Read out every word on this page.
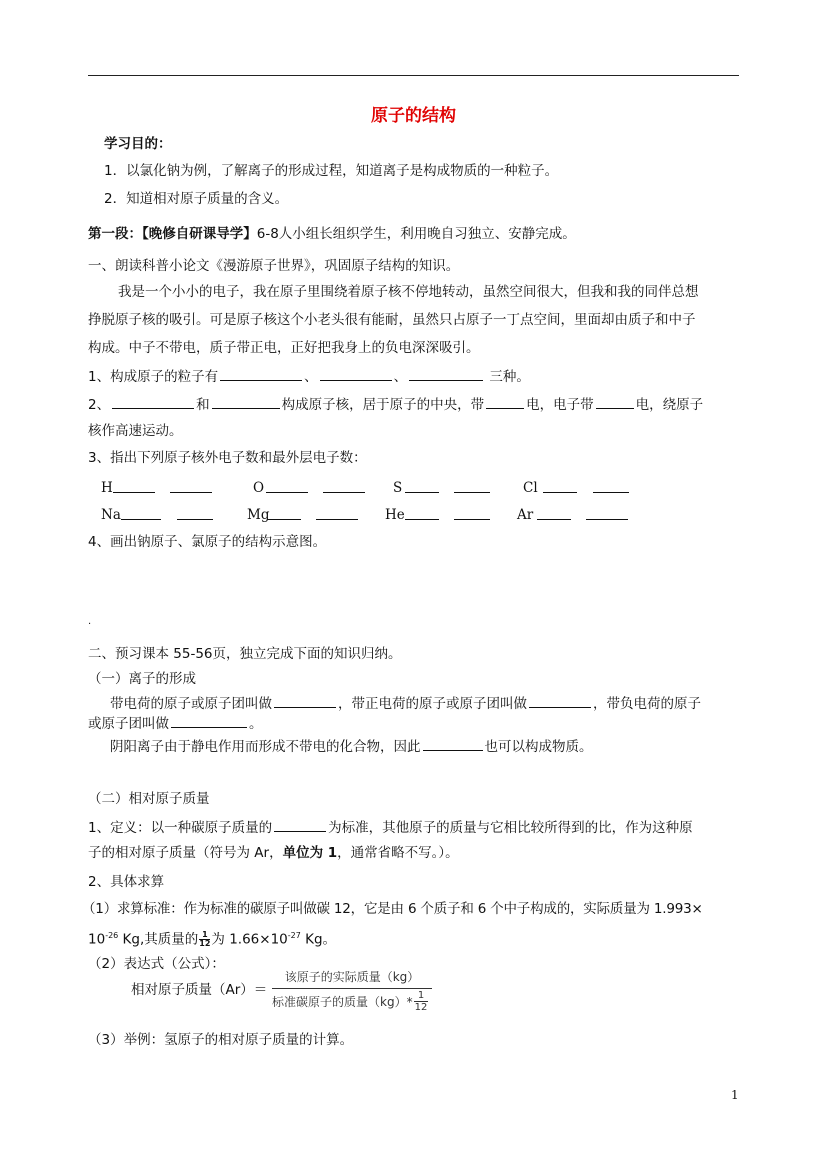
原子的结构
学习目的：
1．以氯化钠为例，了解离子的形成过程，知道离子是构成物质的一种粒子。
2．知道相对原子质量的含义。
第一段：【晚修自研课导学】6-8人小组长组织学生，利用晚自习独立、安静完成。
一、朗读科普小论文《漫游原子世界》，巩固原子结构的知识。
我是一个小小的电子，我在原子里围绕着原子核不停地转动，虽然空间很大，但我和我的同伴总想
挣脱原子核的吸引。可是原子核这个小老头很有能耐，虽然只占原子一丁点空间，里面却由质子和中子
构成。中子不带电，质子带正电，正好把我身上的负电深深吸引。
1、构成原子的粒子有	、	、	三种。
2、	和	构成原子核，居于原子的中央，带	电，电子带	电，绕原子
核作高速运动。
3、指出下列原子核外电子数和最外层电子数：
H	O	S	Cl
Na	Mg	He	Ar
4、画出钠原子、氯原子的结构示意图。
.
二、预习课本 55-56页，独立完成下面的知识归纳。
（一）离子的形成
带电荷的原子或原子团叫做	，带正电荷的原子或原子团叫做	，带负电荷的原子
或原子团叫做	。
阴阳离子由于静电作用而形成不带电的化合物，因此	也可以构成物质。
（二）相对原子质量
1、定义：以一种碳原子质量的	为标准，其他原子的质量与它相比较所得到的比，作为这种原
子的相对原子质量（符号为 Ar，单位为 1，通常省略不写。）。
2、具体求算
（1）求算标准：作为标准的碳原子叫做碳 12，它是由 6 个质子和 6 个中子构成的，实际质量为 1.993×
$10^{-26}$ Kg,其质量的 $\frac{1}{12}$ 为 $1.66\times 10^{-27}$ Kg。
（2）表达式（公式）：
相对原子质量（Ar）＝
该原子的实际质量（kg）
标准碳原子的质量$(kg)* \frac{1}{12}$
（3）举例：氢原子的相对原子质量的计算。
1
